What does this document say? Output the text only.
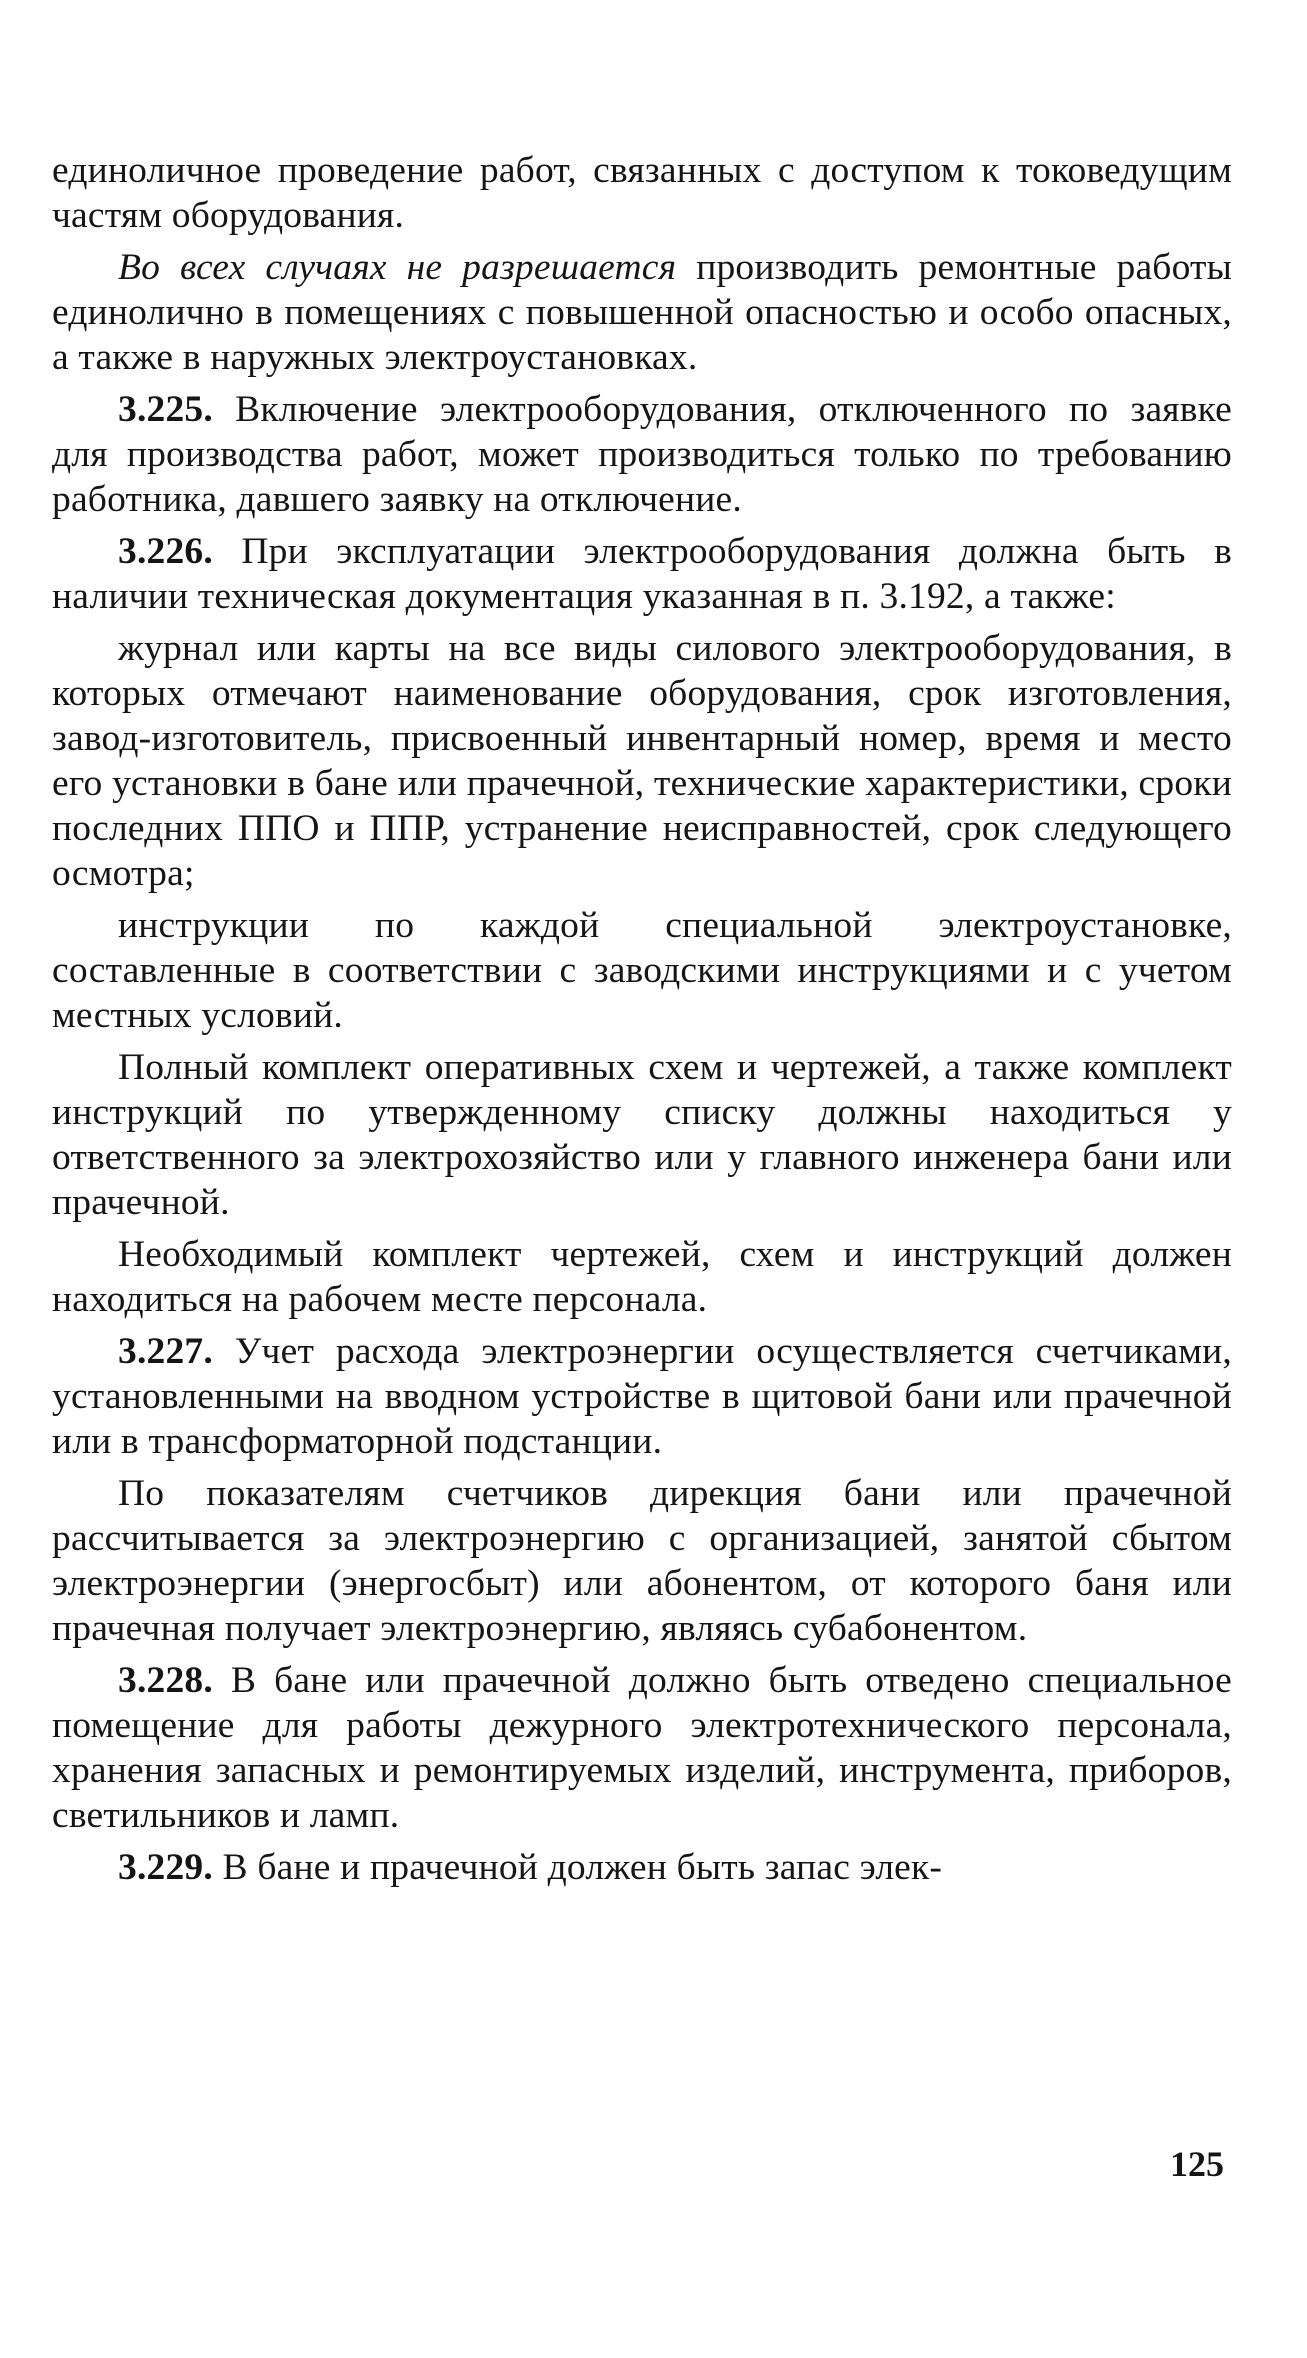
единоличное проведение работ, связанных с доступом к токоведущим частям оборудования.

Во всех случаях не разрешается производить ремонтные работы единолично в помещениях с повышенной опасностью и особо опасных, а также в наружных электроустановках.

3.225. Включение электрооборудования, отключенного по заявке для производства работ, может производиться только по требованию работника, давшего заявку на отключение.

3.226. При эксплуатации электрооборудования должна быть в наличии техническая документация указанная в п. 3.192, а также:

журнал или карты на все виды силового электрооборудования, в которых отмечают наименование оборудования, срок изготовления, завод-изготовитель, присвоенный инвентарный номер, время и место его установки в бане или прачечной, технические характеристики, сроки последних ППО и ППР, устранение неисправностей, срок следующего осмотра;

инструкции по каждой специальной электроустановке, составленные в соответствии с заводскими инструкциями и с учетом местных условий.

Полный комплект оперативных схем и чертежей, а также комплект инструкций по утвержденному списку должны находиться у ответственного за электрохозяйство или у главного инженера бани или прачечной.

Необходимый комплект чертежей, схем и инструкций должен находиться на рабочем месте персонала.

3.227. Учет расхода электроэнергии осуществляется счетчиками, установленными на вводном устройстве в щитовой бани или прачечной или в трансформаторной подстанции.

По показателям счетчиков дирекция бани или прачечной рассчитывается за электроэнергию с организацией, занятой сбытом электроэнергии (энергосбыт) или абонентом, от которого баня или прачечная получает электроэнергию, являясь субабонентом.

3.228. В бане или прачечной должно быть отведено специальное помещение для работы дежурного электротехнического персонала, хранения запасных и ремонтируемых изделий, инструмента, приборов, светильников и ламп.

3.229. В бане и прачечной должен быть запас элек-

125
